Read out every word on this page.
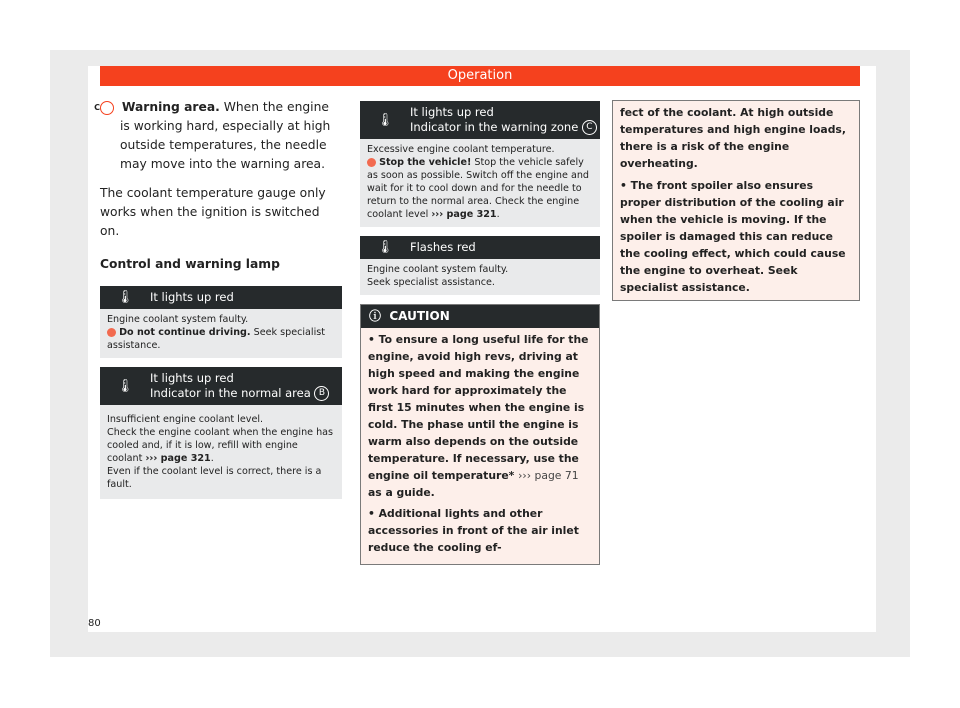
Operation

C Warning area. When the engine is working hard, especially at high outside temperatures, the needle may move into the warning area.

The coolant temperature gauge only works when the ignition is switched on.

Control and warning lamp

🌡	It lights up red
Engine coolant system faulty.
Do not continue driving. Seek specialist assistance.
🌡
It lights up red
Indicator in the normal area B
Insufficient engine coolant level.
Check the engine coolant when the engine has cooled and, if it is low, refill with engine coolant ››› page 321.
Even if the coolant level is correct, there is a fault.
🌡
It lights up red
Indicator in the warning zone C
Excessive engine coolant temperature.
Stop the vehicle! Stop the vehicle safely as soon as possible. Switch off the engine and wait for it to cool down and for the needle to return to the normal area. Check the engine coolant level ››› page 321.
🌡	Flashes red
Engine coolant system faulty.
Seek specialist assistance.
ⓘ CAUTION

• To ensure a long useful life for the engine, avoid high revs, driving at high speed and making the engine work hard for approximately the first 15 minutes when the engine is cold. The phase until the engine is warm also depends on the outside temperature. If necessary, use the engine oil temperature* ››› page 71 as a guide.

• Additional lights and other accessories in front of the air inlet reduce the cooling ef-

fect of the coolant. At high outside temperatures and high engine loads, there is a risk of the engine overheating.

• The front spoiler also ensures proper distribution of the cooling air when the vehicle is moving. If the spoiler is damaged this can reduce the cooling effect, which could cause the engine to overheat. Seek specialist assistance.

80
